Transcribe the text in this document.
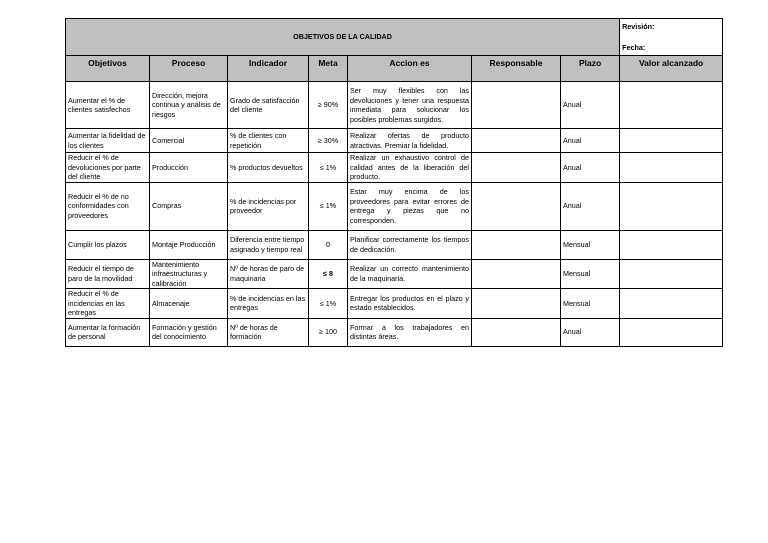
OBJETIVOS DE LA CALIDAD							Revisión:
Fecha:

Objetivos	Proceso	Indicador	Meta	Accion es	Responsable	Plazo	Valor alcanzado
Aumentar el % de clientes satisfechos	Dirección, mejora continua y análisis de riesgos	Grado de satisfacción del cliente	≥ 90%	Ser muy flexibles con las devoluciones y tener una respuesta inmediata para solucionar los posibles problemas surgidos.		Anual	
Aumentar la fidelidad de los clientes	Comercial	% de clientes con repetición	≥ 30%	Realizar ofertas de producto atractivas. Premiar la fidelidad.		Anual	
Reducir el % de devoluciones por parte del cliente	Producción	% productos devueltos	≤ 1%	Realizar un exhaustivo control de calidad antes de la liberación del producto.		Anual	
Reducir el % de no conformidades con proveedores	Compras	% de incidencias por proveedor	≤ 1%	Estar muy encima de los proveedores para evitar errores de entrega y piezas que no corresponden.		Anual	
Cumplir los plazos	Montaje Producción	Diferencia entre tiempo asignado y tiempo real	0	Planificar correctamente los tiempos de dedicación.		Mensual	
Reducir el tiempo de paro de la movilidad	Mantenimiento infraestructuras y calibración	Nº de horas de paro de maquinaria	≤ 8	Realizar un correcto mantenimiento de la maquinaria.		Mensual	
Reducir el % de incidencias en las entregas	Almacenaje	% de incidencias en las entregas	≤ 1%	Entregar los productos en el plazo y estado establecidos.		Mensual	
Aumentar la formación de personal	Formación y gestión del conocimiento	Nº de horas de formación	≥ 100	Formar a los trabajadores en distintas áreas.		Anual	
